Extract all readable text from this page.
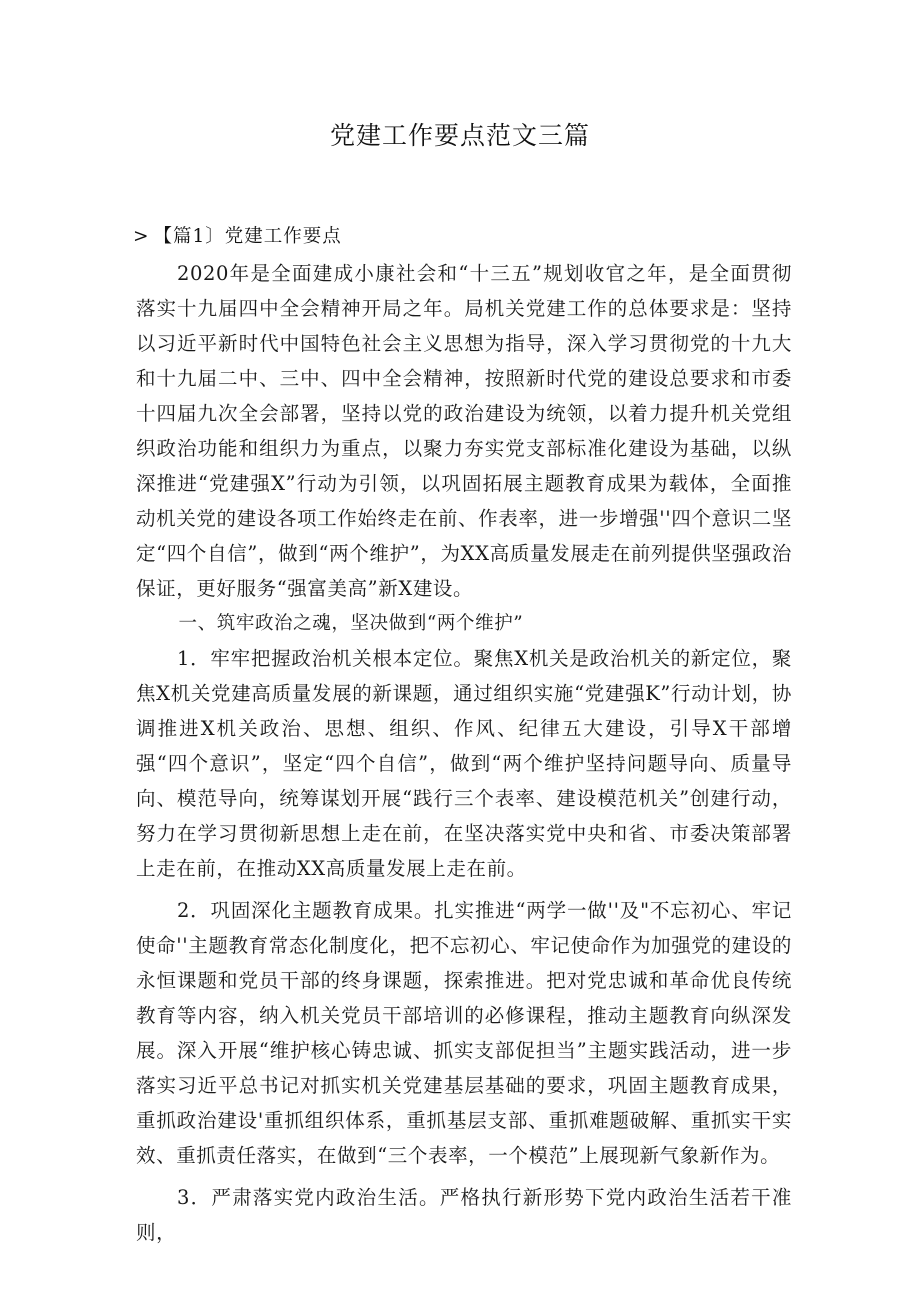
党建工作要点范文三篇
> 【篇1〕党建工作要点

2020年是全面建成小康社会和“十三五”规划收官之年，是全面贯彻落实十九届四中全会精神开局之年。局机关党建工作的总体要求是：坚持以习近平新时代中国特色社会主义思想为指导，深入学习贯彻党的十九大和十九届二中、三中、四中全会精神，按照新时代党的建设总要求和市委十四届九次全会部署，坚持以党的政治建设为统领，以着力提升机关党组织政治功能和组织力为重点，以聚力夯实党支部标准化建设为基础，以纵深推进“党建强X”行动为引领，以巩固拓展主题教育成果为载体，全面推动机关党的建设各项工作始终走在前、作表率，进一步增强''四个意识二坚定“四个自信”，做到“两个维护”，为XX高质量发展走在前列提供坚强政治保证，更好服务“强富美高”新X建设。

一、筑牢政治之魂，坚决做到“两个维护”

1．牢牢把握政治机关根本定位。聚焦X机关是政治机关的新定位，聚焦X机关党建高质量发展的新课题，通过组织实施“党建强K”行动计划，协调推进X机关政治、思想、组织、作风、纪律五大建设，引导X干部增强“四个意识”，坚定“四个自信”，做到“两个维护坚持问题导向、质量导向、模范导向，统筹谋划开展“践行三个表率、建设模范机关”创建行动，努力在学习贯彻新思想上走在前，在坚决落实党中央和省、市委决策部署上走在前，在推动XX高质量发展上走在前。

2．巩固深化主题教育成果。扎实推进“两学一做''及"不忘初心、牢记使命''主题教育常态化制度化，把不忘初心、牢记使命作为加强党的建设的永恒课题和党员干部的终身课题，探索推进。把对党忠诚和革命优良传统教育等内容，纳入机关党员干部培训的必修课程，推动主题教育向纵深发展。深入开展“维护核心铸忠诚、抓实支部促担当”主题实践活动，进一步落实习近平总书记对抓实机关党建基层基础的要求，巩固主题教育成果，重抓政治建设'重抓组织体系，重抓基层支部、重抓难题破解、重抓实干实效、重抓责任落实，在做到“三个表率，一个模范”上展现新气象新作为。

3．严肃落实党内政治生活。严格执行新形势下党内政治生活若干准则，
